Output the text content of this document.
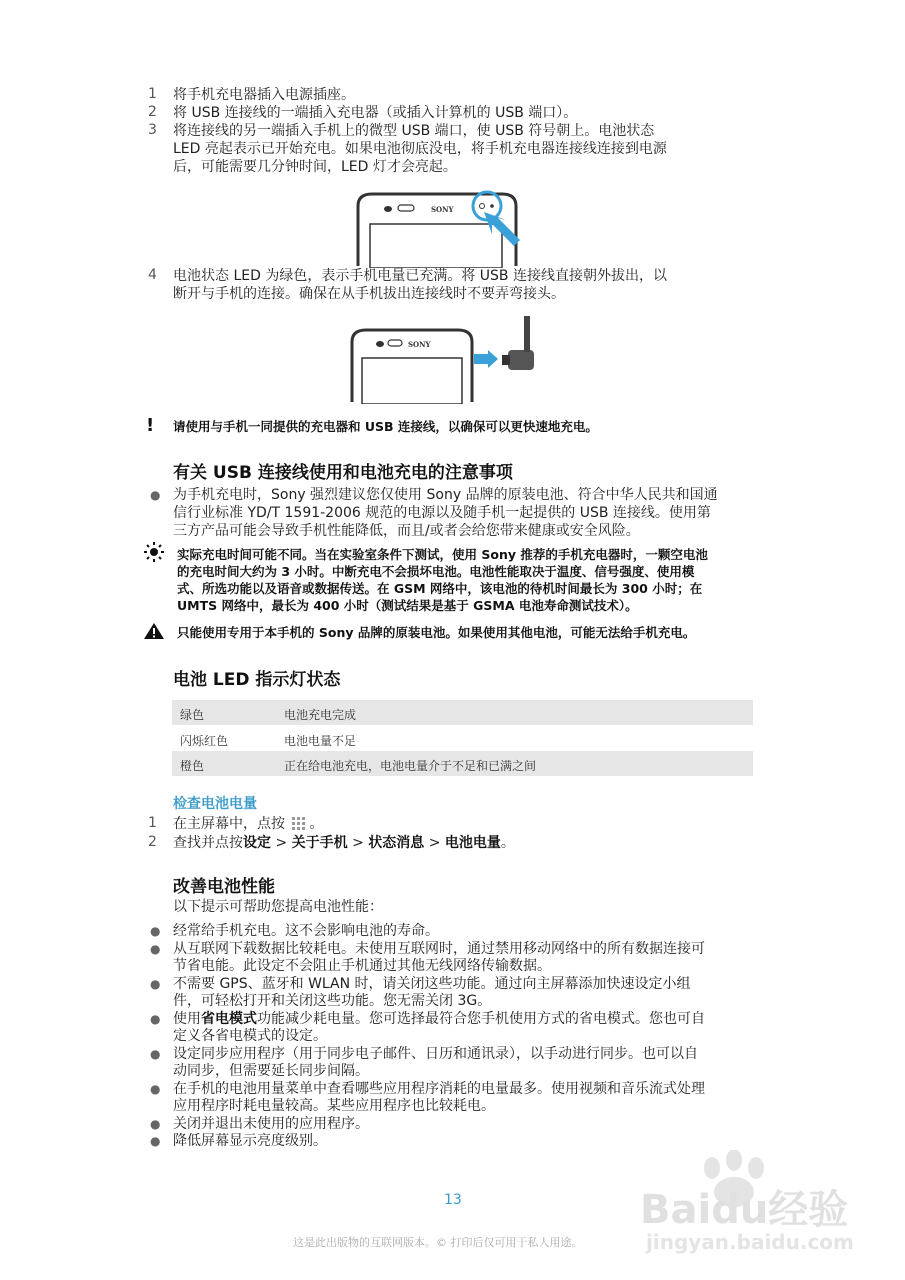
1 将手机充电器插入电源插座。
2 将 USB 连接线的一端插入充电器（或插入计算机的 USB 端口）。
3 将连接线的另一端插入手机上的微型 USB 端口，使 USB 符号朝上。电池状态
LED 亮起表示已开始充电。如果电池彻底没电，将手机充电器连接线连接到电源
后，可能需要几分钟时间，LED 灯才会亮起。
SONY
4 电池状态 LED 为绿色，表示手机电量已充满。将 USB 连接线直接朝外拔出，以
断开与手机的连接。确保在从手机拔出连接线时不要弄弯接头。
SONY
! 请使用与手机一同提供的充电器和 USB 连接线，以确保可以更快速地充电。
有关 USB 连接线使用和电池充电的注意事项
● 为手机充电时，Sony 强烈建议您仅使用 Sony 品牌的原装电池、符合中华人民共和国通
信行业标准 YD/T 1591-2006 规范的电源以及随手机一起提供的 USB 连接线。使用第
三方产品可能会导致手机性能降低，而且/或者会给您带来健康或安全风险。
实际充电时间可能不同。当在实验室条件下测试，使用 Sony 推荐的手机充电器时，一颗空电池
的充电时间大约为 3 小时。中断充电不会损坏电池。电池性能取决于温度、信号强度、使用模
式、所选功能以及语音或数据传送。在 GSM 网络中，该电池的待机时间最长为 300 小时；在
UMTS 网络中，最长为 400 小时（测试结果是基于 GSMA 电池寿命测试技术）。
只能使用专用于本手机的 Sony 品牌的原装电池。如果使用其他电池，可能无法给手机充电。
电池 LED 指示灯状态
绿色	电池充电完成
闪烁红色	电池电量不足
橙色	正在给电池充电，电池电量介于不足和已满之间
检查电池电量
1 在主屏幕中，点按 。
2 查找并点按设定 > 关于手机 > 状态消息 > 电池电量。
改善电池性能
以下提示可帮助您提高电池性能：
● 经常给手机充电。这不会影响电池的寿命。
● 从互联网下载数据比较耗电。未使用互联网时，通过禁用移动网络中的所有数据连接可
节省电能。此设定不会阻止手机通过其他无线网络传输数据。
● 不需要 GPS、蓝牙和 WLAN 时，请关闭这些功能。通过向主屏幕添加快速设定小组
件，可轻松打开和关闭这些功能。您无需关闭 3G。
● 使用省电模式功能减少耗电量。您可选择最符合您手机使用方式的省电模式。您也可自
定义各省电模式的设定。
● 设定同步应用程序（用于同步电子邮件、日历和通讯录），以手动进行同步。也可以自
动同步，但需要延长同步间隔。
● 在手机的电池用量菜单中查看哪些应用程序消耗的电量最多。使用视频和音乐流式处理
应用程序时耗电量较高。某些应用程序也比较耗电。
● 关闭并退出未使用的应用程序。
● 降低屏幕显示亮度级别。
13
这是此出版物的互联网版本。© 打印后仅可用于私人用途。
Baidu经验
jingyan.baidu.com
